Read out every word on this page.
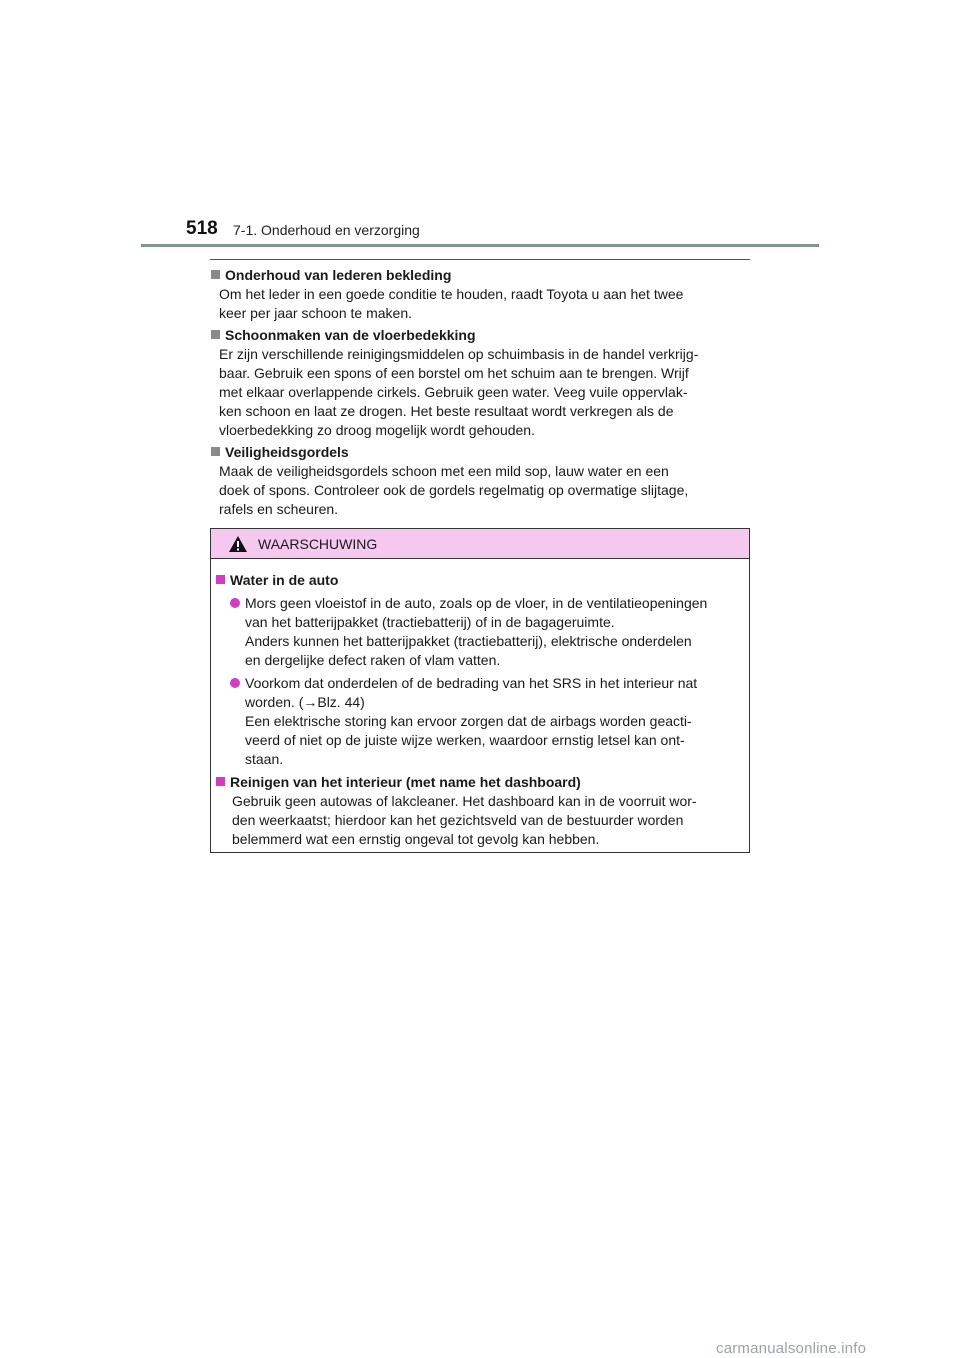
518 7-1. Onderhoud en verzorging
Onderhoud van lederen bekleding
Om het leder in een goede conditie te houden, raadt Toyota u aan het twee
keer per jaar schoon te maken.
Schoonmaken van de vloerbedekking
Er zijn verschillende reinigingsmiddelen op schuimbasis in de handel verkrijg-
baar. Gebruik een spons of een borstel om het schuim aan te brengen. Wrijf
met elkaar overlappende cirkels. Gebruik geen water. Veeg vuile oppervlak-
ken schoon en laat ze drogen. Het beste resultaat wordt verkregen als de
vloerbedekking zo droog mogelijk wordt gehouden.
Veiligheidsgordels
Maak de veiligheidsgordels schoon met een mild sop, lauw water en een
doek of spons. Controleer ook de gordels regelmatig op overmatige slijtage,
rafels en scheuren.
WAARSCHUWING
Water in de auto
Mors geen vloeistof in de auto, zoals op de vloer, in de ventilatieopeningen
van het batterijpakket (tractiebatterij) of in de bagageruimte.
Anders kunnen het batterijpakket (tractiebatterij), elektrische onderdelen
en dergelijke defect raken of vlam vatten.
Voorkom dat onderdelen of de bedrading van het SRS in het interieur nat
worden. (→Blz. 44)
Een elektrische storing kan ervoor zorgen dat de airbags worden geacti-
veerd of niet op de juiste wijze werken, waardoor ernstig letsel kan ont-
staan.
Reinigen van het interieur (met name het dashboard)
Gebruik geen autowas of lakcleaner. Het dashboard kan in de voorruit wor-
den weerkaatst; hierdoor kan het gezichtsveld van de bestuurder worden
belemmerd wat een ernstig ongeval tot gevolg kan hebben.
carmanualsonline.info
